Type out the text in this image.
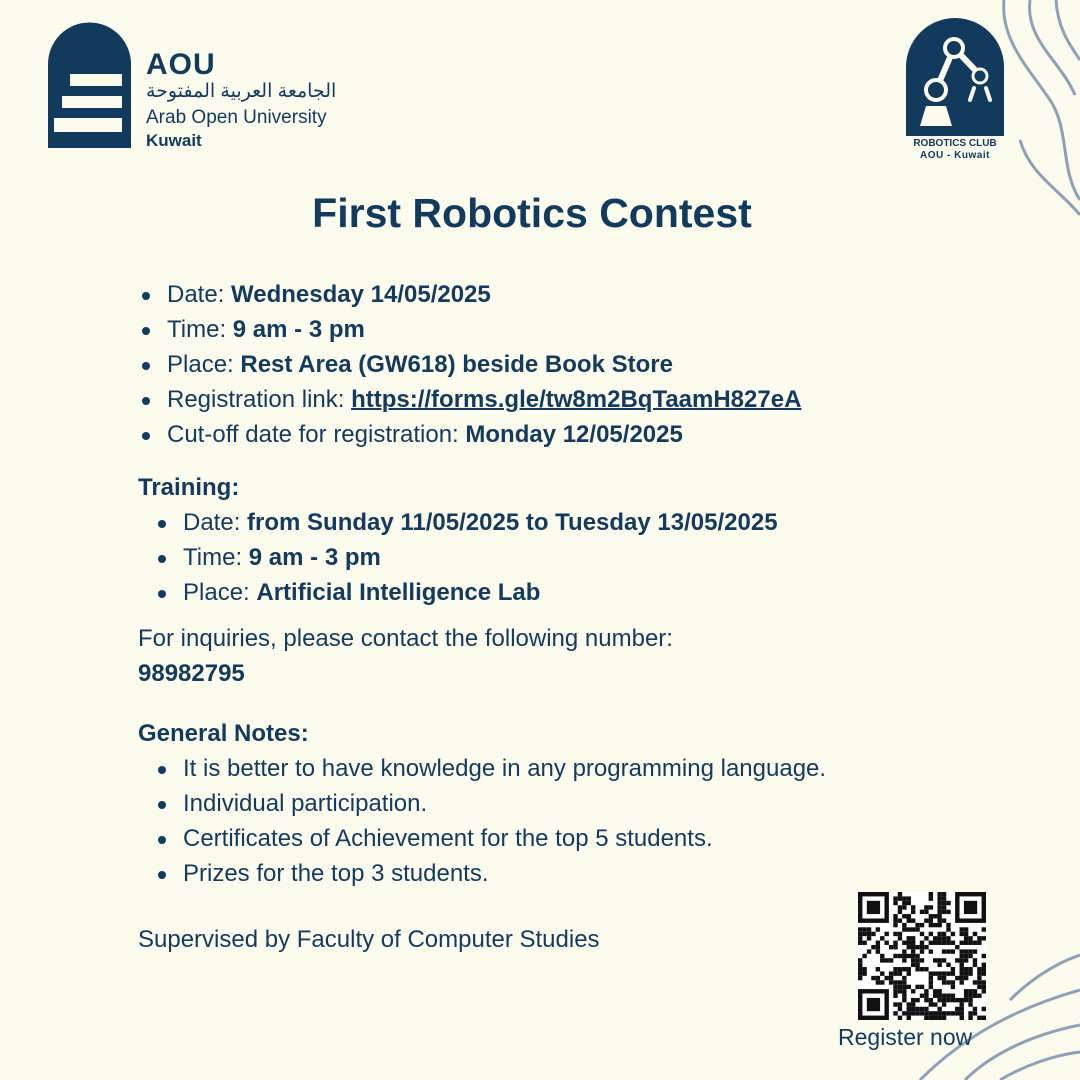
AOU
الجامعة العربية المفتوحة
Arab Open University
Kuwait	ROBOTICS CLUB
AOU - Kuwait
First Robotics Contest
Date: Wednesday 14/05/2025
Time: 9 am - 3 pm
Place: Rest Area (GW618) beside Book Store
Registration link: https://forms.gle/tw8m2BqTaamH827eA
Cut-off date for registration: Monday 12/05/2025
Training:
Date: from Sunday 11/05/2025 to Tuesday 13/05/2025
Time: 9 am - 3 pm
Place: Artificial Intelligence Lab
For inquiries, please contact the following number:
98982795
General Notes:
It is better to have knowledge in any programming language.
Individual participation.
Certificates of Achievement for the top 5 students.
Prizes for the top 3 students.
Supervised by Faculty of Computer Studies
Register now
